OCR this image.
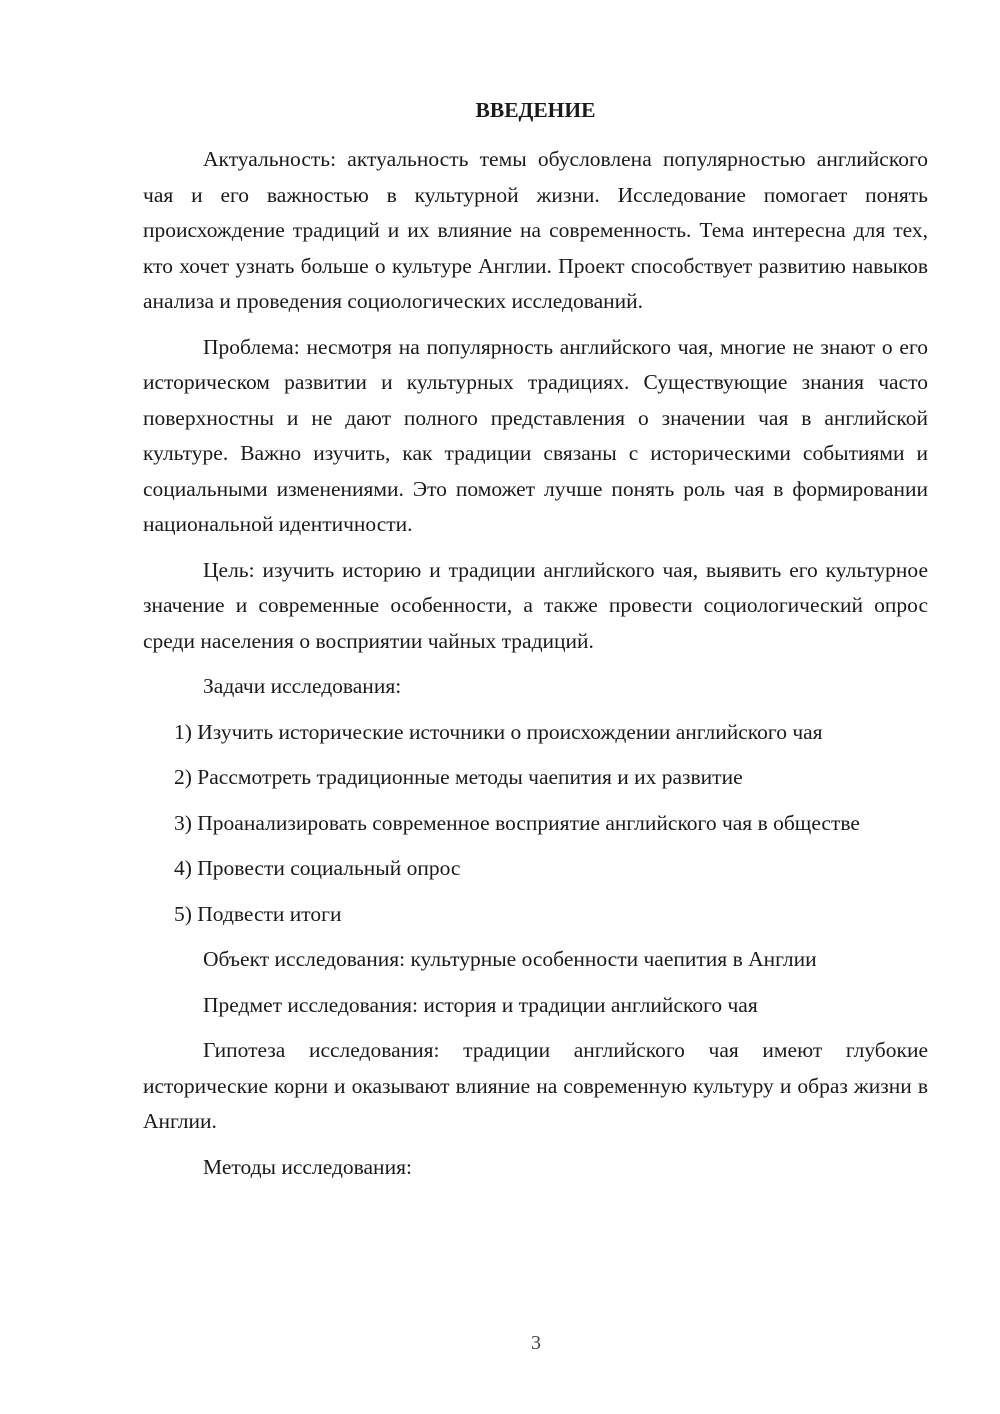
ВВЕДЕНИЕ

Актуальность: актуальность темы обусловлена популярностью английского чая и его важностью в культурной жизни. Исследование помогает понять происхождение традиций и их влияние на современность. Тема интересна для тех, кто хочет узнать больше о культуре Англии. Проект способствует развитию навыков анализа и проведения социологических исследований.

Проблема: несмотря на популярность английского чая, многие не знают о его историческом развитии и культурных традициях. Существующие знания часто поверхностны и не дают полного представления о значении чая в английской культуре. Важно изучить, как традиции связаны с историческими событиями и социальными изменениями. Это поможет лучше понять роль чая в формировании национальной идентичности.

Цель: изучить историю и традиции английского чая, выявить его культурное значение и современные особенности, а также провести социологический опрос среди населения о восприятии чайных традиций.

Задачи исследования:

1) Изучить исторические источники о происхождении английского чая

2) Рассмотреть традиционные методы чаепития и их развитие

3) Проанализировать современное восприятие английского чая в обществе

4) Провести социальный опрос

5) Подвести итоги

Объект исследования: культурные особенности чаепития в Англии

Предмет исследования: история и традиции английского чая

Гипотеза исследования: традиции английского чая имеют глубокие исторические корни и оказывают влияние на современную культуру и образ жизни в Англии.

Методы исследования:

3
